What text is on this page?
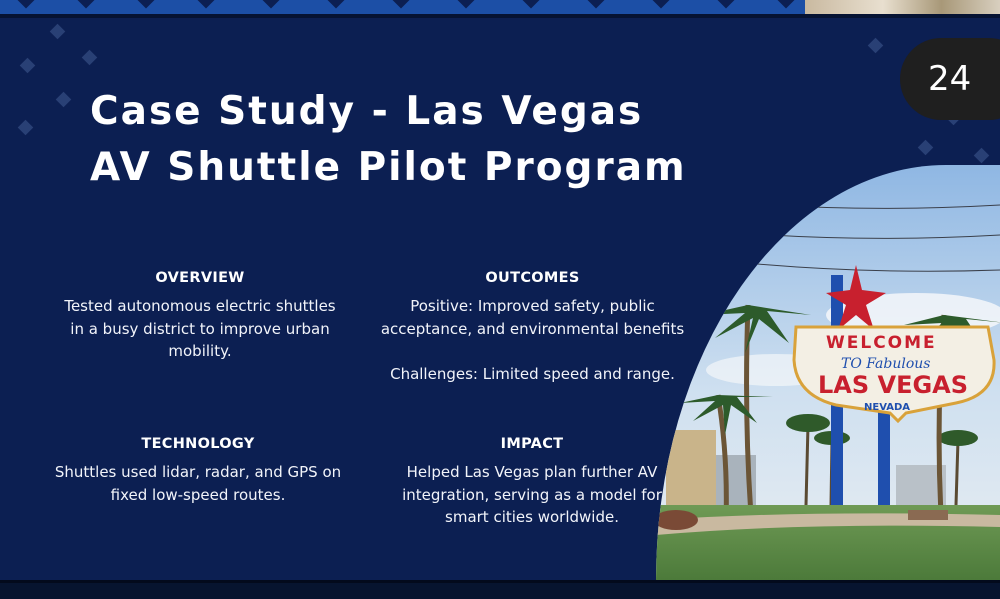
Case Study - Las Vegas
AV Shuttle Pilot Program
24
OVERVIEW
Tested autonomous electric shuttles in a busy district to improve urban mobility.
OUTCOMES
Positive: Improved safety, public acceptance, and environmental benefits

Challenges: Limited speed and range.
TECHNOLOGY
Shuttles used lidar, radar, and GPS on fixed low-speed routes.
IMPACT
Helped Las Vegas plan further AV integration, serving as a model for smart cities worldwide.
WELCOME
TO Fabulous
LAS VEGAS
NEVADA
